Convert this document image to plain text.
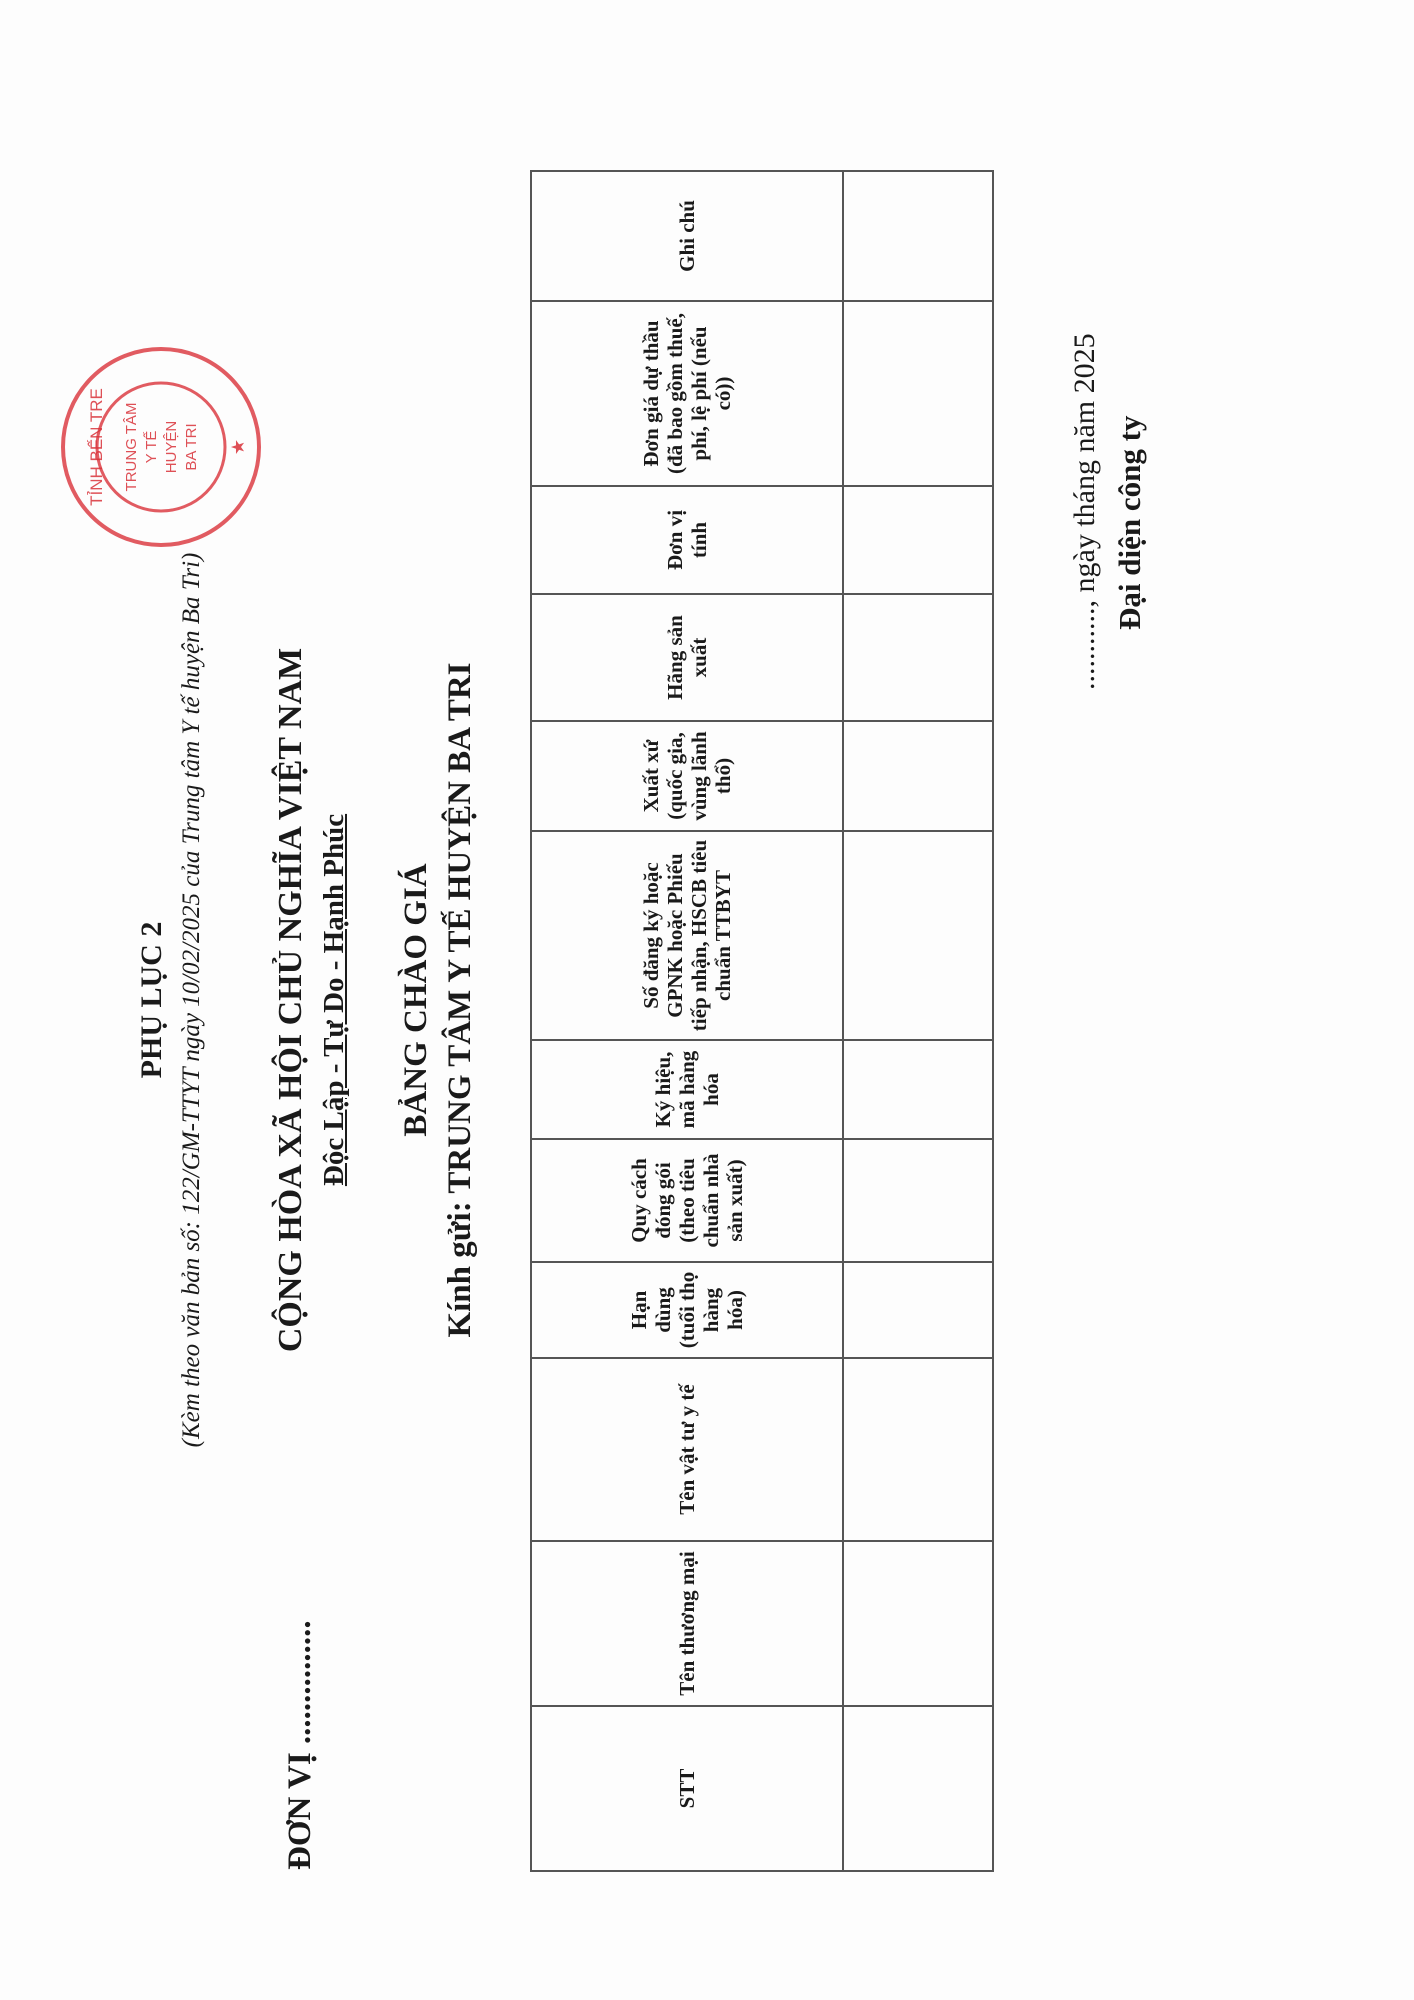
ĐƠN VỊ ...............
TỈNH BẾN TRE TRUNG TÂM Y TẾ HUYỆN BA TRI ★
PHỤ LỤC 2 (Kèm theo văn bản số: 122/GM-TTYT ngày 10/02/2025 của Trung tâm Y tế huyện Ba Tri) CỘNG HÒA XÃ HỘI CHỦ NGHĨA VIỆT NAM Độc Lập - Tự Do - Hạnh Phúc BẢNG CHÀO GIÁ Kính gửi: TRUNG TÂM Y TẾ HUYỆN BA TRI
STT	Tên thương mại	Tên vật tư y tế	Hạn dùng (tuổi thọ hàng hóa)	Quy cách đóng gói (theo tiêu chuẩn nhà sản xuất)	Ký hiệu, mã hàng hóa	Số đăng ký hoặc GPNK hoặc Phiếu tiếp nhận, HSCB tiêu chuẩn TTBYT	Xuất xứ (quốc gia, vùng lãnh thổ)	Hãng sản xuất	Đơn vị tính	Đơn giá dự thầu (đã bao gồm thuế, phí, lệ phí (nếu có))	Ghi chú

..........., ngày tháng năm 2025 Đại diện công ty
